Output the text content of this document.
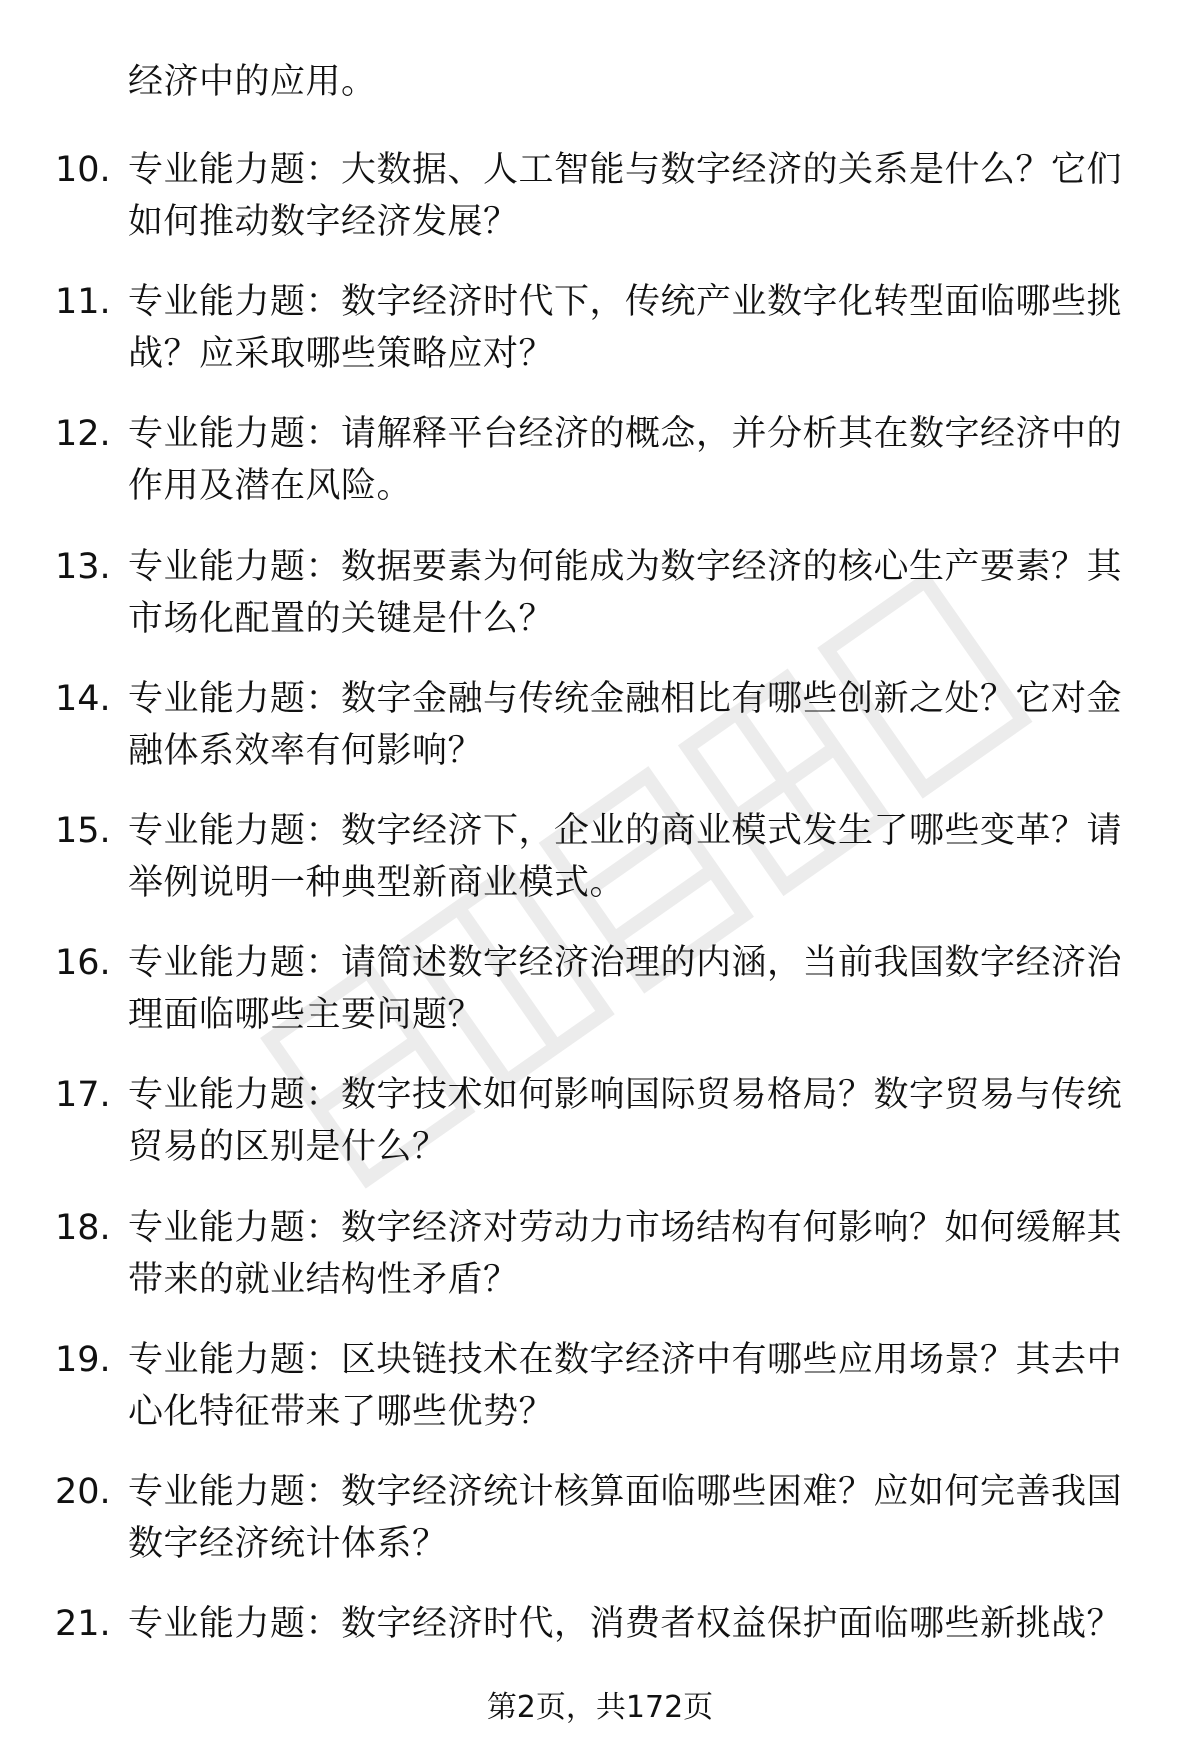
经济中的应用。
10. 专业能力题：大数据、人工智能与数字经济的关系是什么？它们如何推动数字经济发展？
11. 专业能力题：数字经济时代下，传统产业数字化转型面临哪些挑战？应采取哪些策略应对？
12. 专业能力题：请解释平台经济的概念，并分析其在数字经济中的作用及潜在风险。
13. 专业能力题：数据要素为何能成为数字经济的核心生产要素？其市场化配置的关键是什么？
14. 专业能力题：数字金融与传统金融相比有哪些创新之处？它对金融体系效率有何影响？
15. 专业能力题：数字经济下，企业的商业模式发生了哪些变革？请举例说明一种典型新商业模式。
16. 专业能力题：请简述数字经济治理的内涵，当前我国数字经济治理面临哪些主要问题？
17. 专业能力题：数字技术如何影响国际贸易格局？数字贸易与传统贸易的区别是什么？
18. 专业能力题：数字经济对劳动力市场结构有何影响？如何缓解其带来的就业结构性矛盾？
19. 专业能力题：区块链技术在数字经济中有哪些应用场景？其去中心化特征带来了哪些优势？
20. 专业能力题：数字经济统计核算面临哪些困难？应如何完善我国数字经济统计体系？
21. 专业能力题：数字经济时代，消费者权益保护面临哪些新挑战？
第2页，共172页
